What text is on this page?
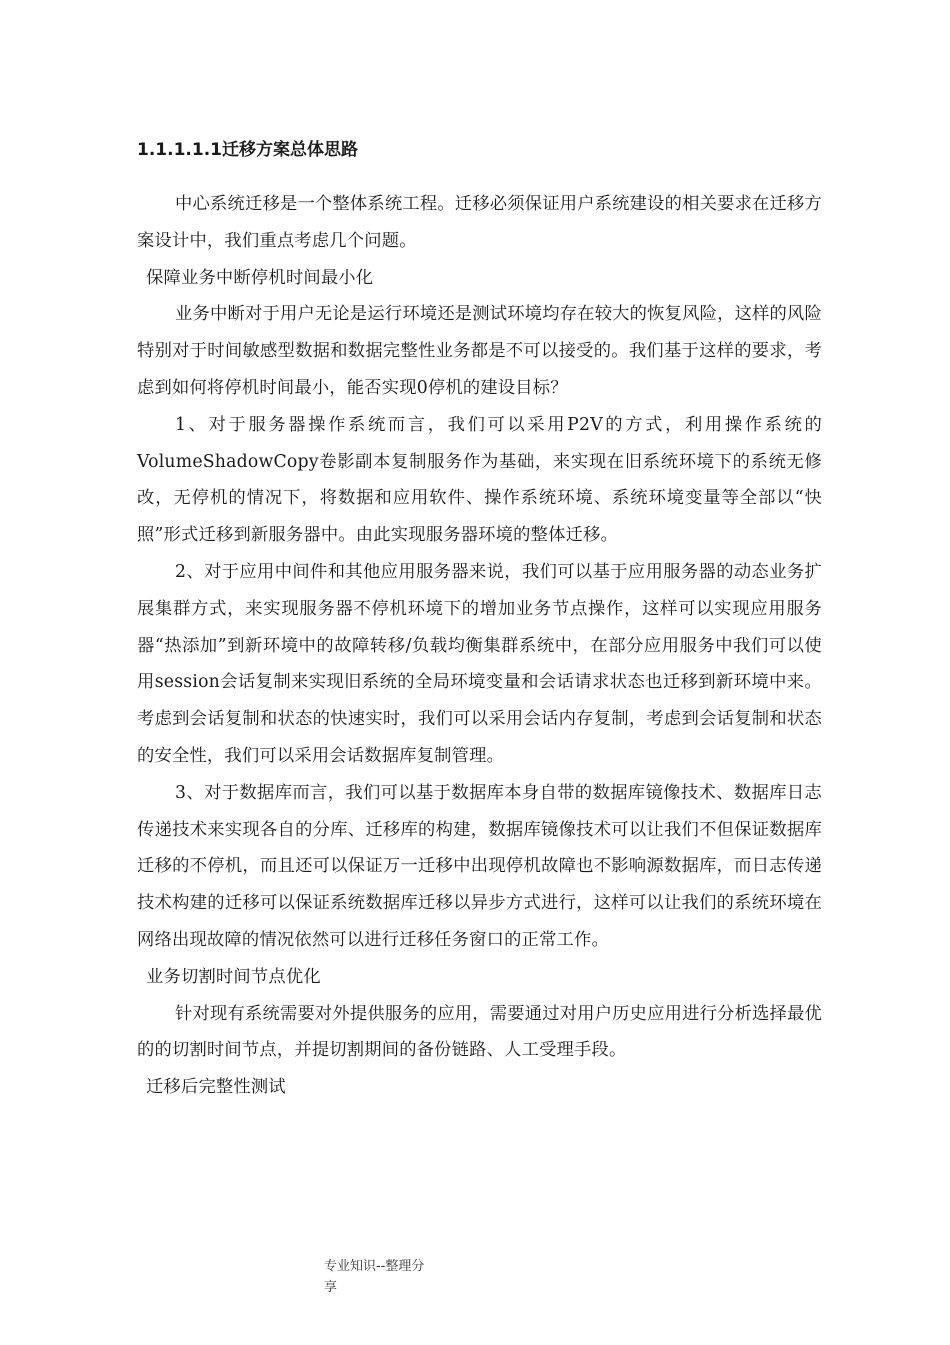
1.1.1.1.1迁移方案总体思路

中心系统迁移是一个整体系统工程。迁移必须保证用户系统建设的相关要求在迁移方案设计中，我们重点考虑几个问题。

保障业务中断停机时间最小化

业务中断对于用户无论是运行环境还是测试环境均存在较大的恢复风险，这样的风险特别对于时间敏感型数据和数据完整性业务都是不可以接受的。我们基于这样的要求，考虑到如何将停机时间最小，能否实现0停机的建设目标？

1、对于服务器操作系统而言，我们可以采用P2V的方式，利用操作系统的VolumeShadowCopy卷影副本复制服务作为基础，来实现在旧系统环境下的系统无修改，无停机的情况下，将数据和应用软件、操作系统环境、系统环境变量等全部以“快照”形式迁移到新服务器中。由此实现服务器环境的整体迁移。

2、对于应用中间件和其他应用服务器来说，我们可以基于应用服务器的动态业务扩展集群方式，来实现服务器不停机环境下的增加业务节点操作，这样可以实现应用服务器“热添加”到新环境中的故障转移/负载均衡集群系统中，在部分应用服务中我们可以使用session会话复制来实现旧系统的全局环境变量和会话请求状态也迁移到新环境中来。考虑到会话复制和状态的快速实时，我们可以采用会话内存复制，考虑到会话复制和状态的安全性，我们可以采用会话数据库复制管理。

3、对于数据库而言，我们可以基于数据库本身自带的数据库镜像技术、数据库日志传递技术来实现各自的分库、迁移库的构建，数据库镜像技术可以让我们不但保证数据库迁移的不停机，而且还可以保证万一迁移中出现停机故障也不影响源数据库，而日志传递技术构建的迁移可以保证系统数据库迁移以异步方式进行，这样可以让我们的系统环境在网络出现故障的情况依然可以进行迁移任务窗口的正常工作。

业务切割时间节点优化

针对现有系统需要对外提供服务的应用，需要通过对用户历史应用进行分析选择最优的的切割时间节点，并提切割期间的备份链路、人工受理手段。

迁移后完整性测试

专业知识--整理分
享
